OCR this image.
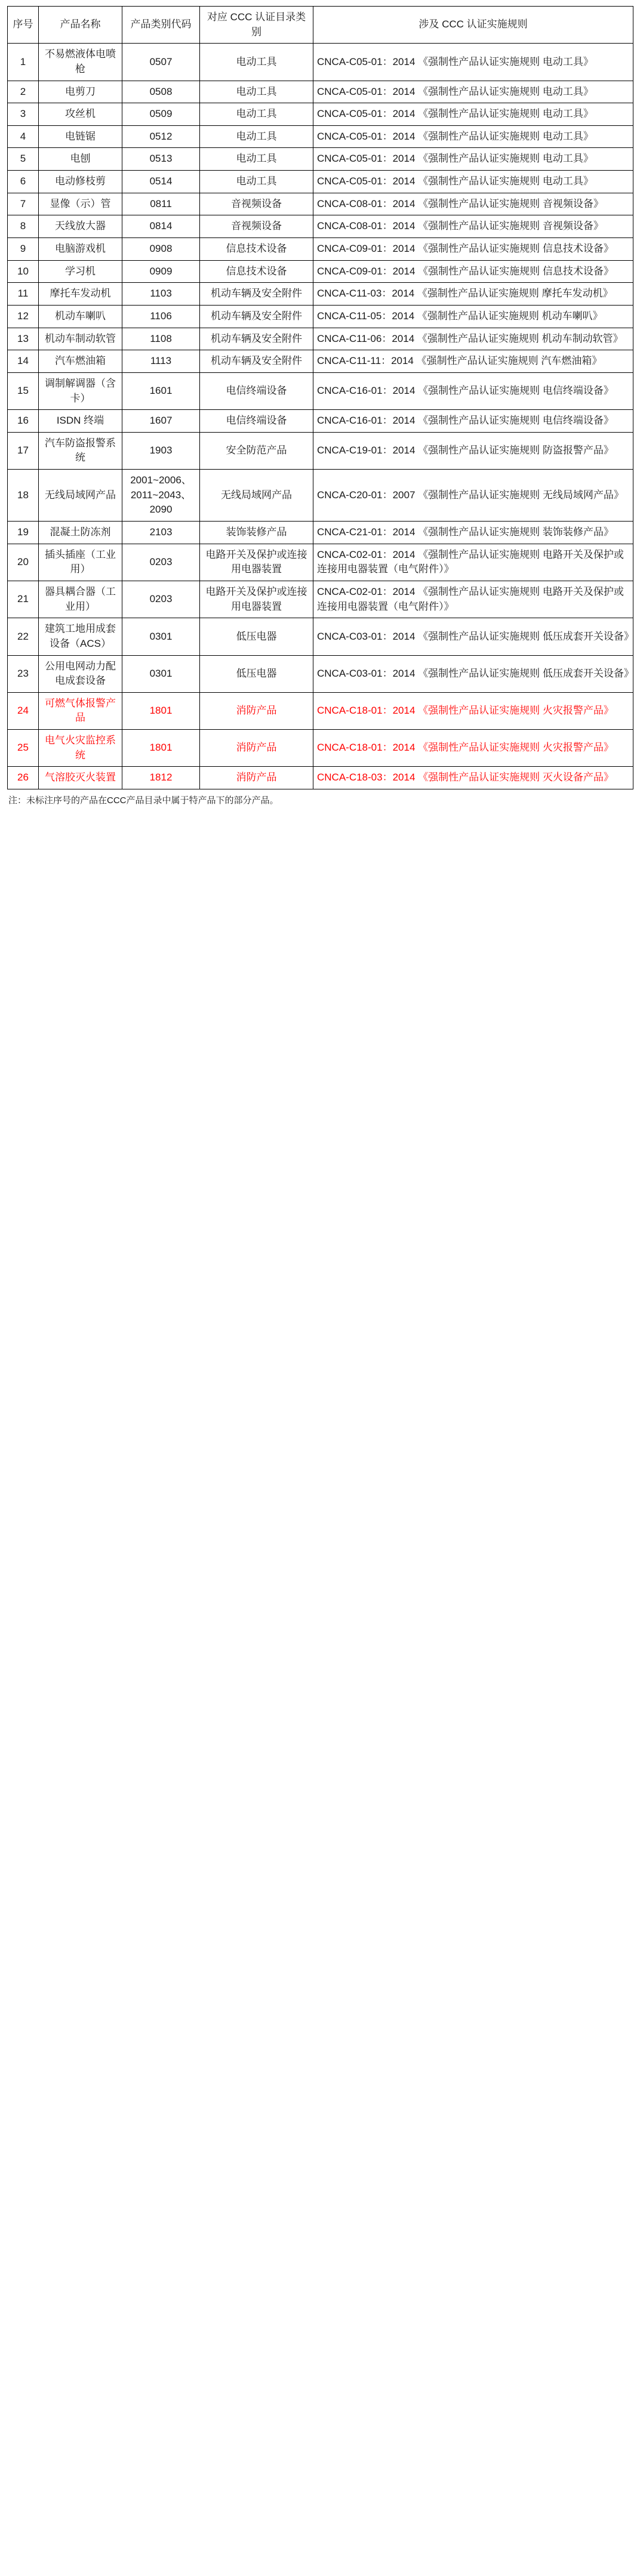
序号	产品名称	产品类别代码	对应 CCC 认证目录类别	涉及 CCC 认证实施规则
1	不易燃液体电喷枪	0507	电动工具	CNCA-C05-01：2014 《强制性产品认证实施规则 电动工具》
2	电剪刀	0508	电动工具	CNCA-C05-01：2014 《强制性产品认证实施规则 电动工具》
3	攻丝机	0509	电动工具	CNCA-C05-01：2014 《强制性产品认证实施规则 电动工具》
4	电链锯	0512	电动工具	CNCA-C05-01：2014 《强制性产品认证实施规则 电动工具》
5	电刨	0513	电动工具	CNCA-C05-01：2014 《强制性产品认证实施规则 电动工具》
6	电动修枝剪	0514	电动工具	CNCA-C05-01：2014 《强制性产品认证实施规则 电动工具》
7	显像（示）管	0811	音视频设备	CNCA-C08-01：2014 《强制性产品认证实施规则 音视频设备》
8	天线放大器	0814	音视频设备	CNCA-C08-01：2014 《强制性产品认证实施规则 音视频设备》
9	电脑游戏机	0908	信息技术设备	CNCA-C09-01：2014 《强制性产品认证实施规则 信息技术设备》
10	学习机	0909	信息技术设备	CNCA-C09-01：2014 《强制性产品认证实施规则 信息技术设备》
11	摩托车发动机	1103	机动车辆及安全附件	CNCA-C11-03：2014 《强制性产品认证实施规则 摩托车发动机》
12	机动车喇叭	1106	机动车辆及安全附件	CNCA-C11-05：2014 《强制性产品认证实施规则 机动车喇叭》
13	机动车制动软管	1108	机动车辆及安全附件	CNCA-C11-06：2014 《强制性产品认证实施规则 机动车制动软管》
14	汽车燃油箱	1113	机动车辆及安全附件	CNCA-C11-11：2014 《强制性产品认证实施规则 汽车燃油箱》
15	调制解调器（含卡）	1601	电信终端设备	CNCA-C16-01：2014 《强制性产品认证实施规则 电信终端设备》
16	ISDN 终端	1607	电信终端设备	CNCA-C16-01：2014 《强制性产品认证实施规则 电信终端设备》
17	汽车防盗报警系统	1903	安全防范产品	CNCA-C19-01：2014 《强制性产品认证实施规则 防盗报警产品》
18	无线局域网产品	2001~2006、2011~2043、2090	无线局域网产品	CNCA-C20-01：2007 《强制性产品认证实施规则 无线局域网产品》
19	混凝土防冻剂	2103	装饰装修产品	CNCA-C21-01：2014 《强制性产品认证实施规则 装饰装修产品》
20	插头插座（工业用）	0203	电路开关及保护或连接用电器装置	CNCA-C02-01：2014 《强制性产品认证实施规则 电路开关及保护或连接用电器装置（电气附件）》
21	器具耦合器（工业用）	0203	电路开关及保护或连接用电器装置	CNCA-C02-01：2014 《强制性产品认证实施规则 电路开关及保护或连接用电器装置（电气附件）》
22	建筑工地用成套设备（ACS）	0301	低压电器	CNCA-C03-01：2014 《强制性产品认证实施规则 低压成套开关设备》
23	公用电网动力配电成套设备	0301	低压电器	CNCA-C03-01：2014 《强制性产品认证实施规则 低压成套开关设备》
24	可燃气体报警产品	1801	消防产品	CNCA-C18-01：2014 《强制性产品认证实施规则 火灾报警产品》
25	电气火灾监控系统	1801	消防产品	CNCA-C18-01：2014 《强制性产品认证实施规则 火灾报警产品》
26	气溶胶灭火装置	1812	消防产品	CNCA-C18-03：2014 《强制性产品认证实施规则 灭火设备产品》
注：未标注序号的产品在CCC产品目录中属于特产品下的部分产品。
